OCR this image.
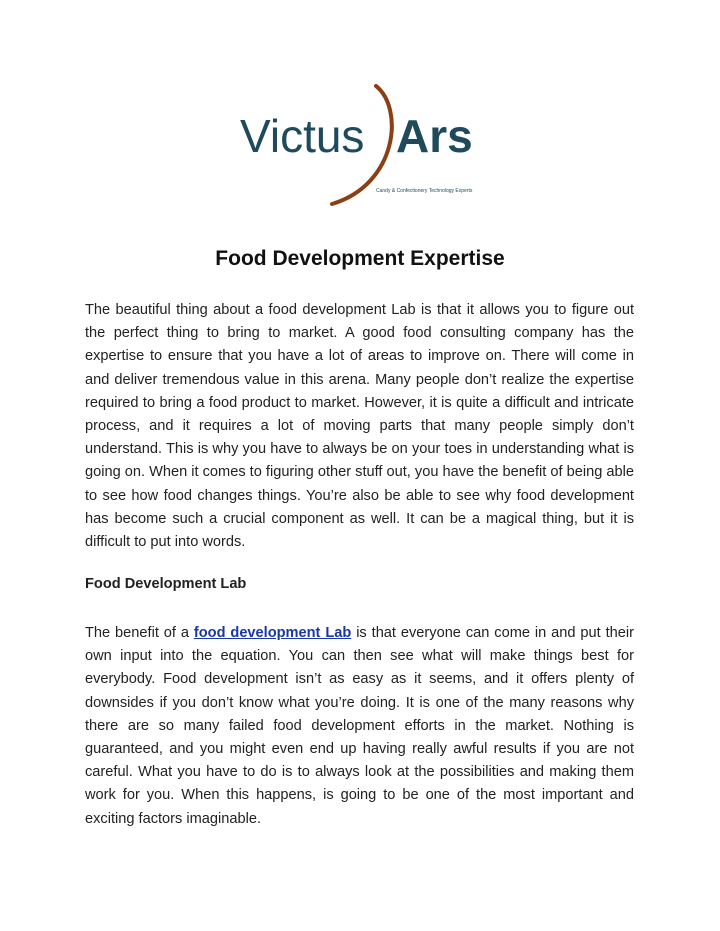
Victus Ars
Candy & Confectionery Technology Experts
Food Development Expertise

The beautiful thing about a food development Lab is that it allows you to figure out the perfect thing to bring to market. A good food consulting company has the expertise to ensure that you have a lot of areas to improve on. There will come in and deliver tremendous value in this arena. Many people don’t realize the expertise required to bring a food product to market. However, it is quite a difficult and intricate process, and it requires a lot of moving parts that many people simply don’t understand. This is why you have to always be on your toes in understanding what is going on. When it comes to figuring other stuff out, you have the benefit of being able to see how food changes things. You’re also be able to see why food development has become such a crucial component as well. It can be a magical thing, but it is difficult to put into words.

Food Development Lab

The benefit of a food development Lab is that everyone can come in and put their own input into the equation. You can then see what will make things best for everybody. Food development isn’t as easy as it seems, and it offers plenty of downsides if you don’t know what you’re doing. It is one of the many reasons why there are so many failed food development efforts in the market. Nothing is guaranteed, and you might even end up having really awful results if you are not careful. What you have to do is to always look at the possibilities and making them work for you. When this happens, is going to be one of the most important and exciting factors imaginable.
